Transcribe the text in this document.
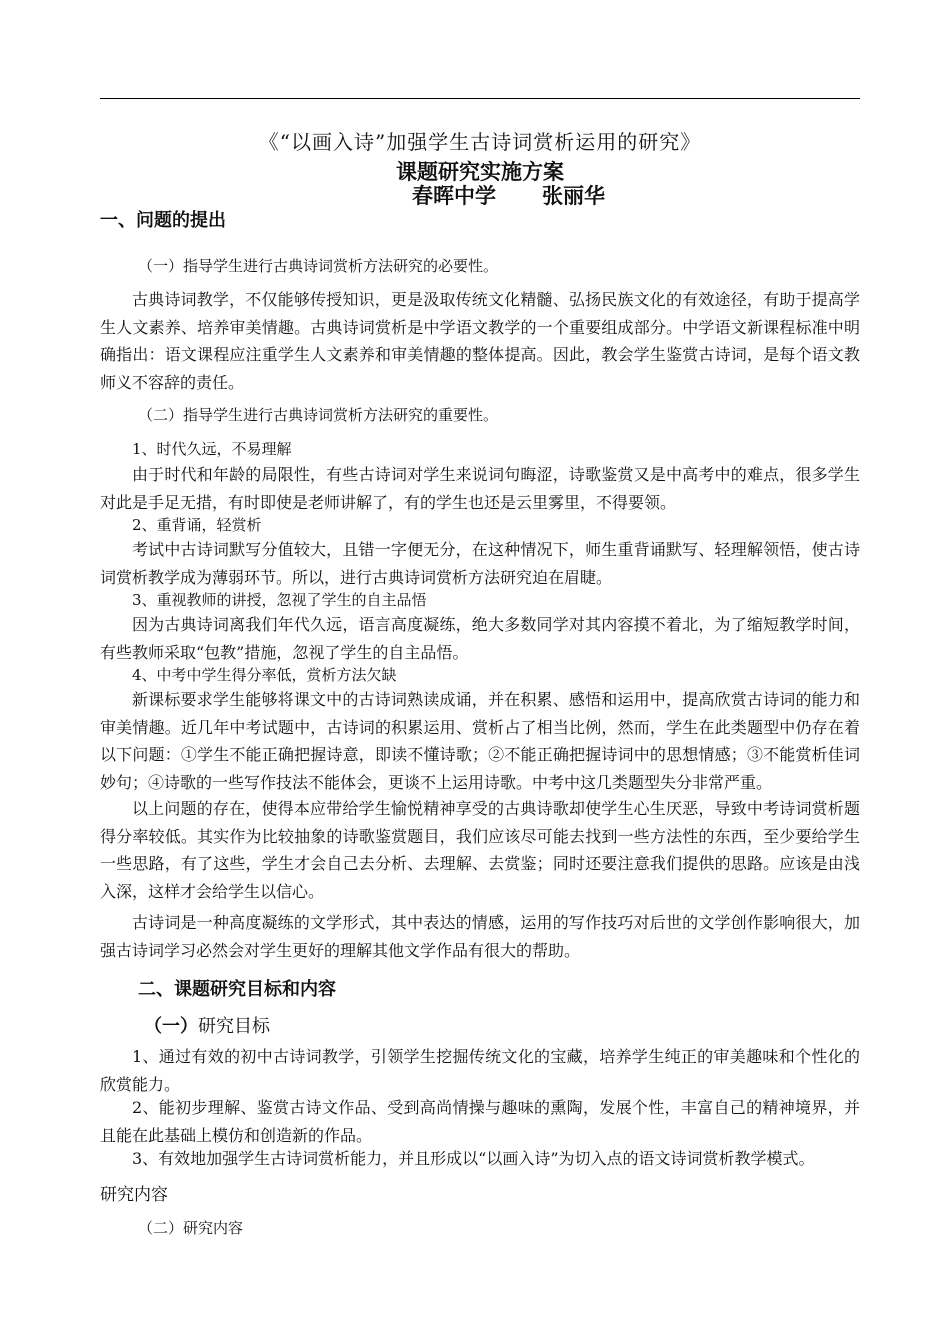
《“以画入诗”加强学生古诗词赏析运用的研究》
课题研究实施方案
春晖中学 张丽华
一、问题的提出
（一）指导学生进行古典诗词赏析方法研究的必要性。
古典诗词教学，不仅能够传授知识，更是汲取传统文化精髓、弘扬民族文化的有效途径，有助于提高学生人文素养、培养审美情趣。古典诗词赏析是中学语文教学的一个重要组成部分。中学语文新课程标准中明确指出：语文课程应注重学生人文素养和审美情趣的整体提高。因此，教会学生鉴赏古诗词，是每个语文教师义不容辞的责任。
（二）指导学生进行古典诗词赏析方法研究的重要性。
1、时代久远，不易理解
由于时代和年龄的局限性，有些古诗词对学生来说词句晦涩，诗歌鉴赏又是中高考中的难点，很多学生对此是手足无措，有时即使是老师讲解了，有的学生也还是云里雾里，不得要领。
2、重背诵，轻赏析
考试中古诗词默写分值较大，且错一字便无分，在这种情况下，师生重背诵默写、轻理解领悟，使古诗词赏析教学成为薄弱环节。所以，进行古典诗词赏析方法研究迫在眉睫。
3、重视教师的讲授，忽视了学生的自主品悟
因为古典诗词离我们年代久远，语言高度凝练，绝大多数同学对其内容摸不着北，为了缩短教学时间，有些教师采取“包教”措施，忽视了学生的自主品悟。
4、中考中学生得分率低，赏析方法欠缺
新课标要求学生能够将课文中的古诗词熟读成诵，并在积累、感悟和运用中，提高欣赏古诗词的能力和审美情趣。近几年中考试题中，古诗词的积累运用、赏析占了相当比例，然而，学生在此类题型中仍存在着以下问题：①学生不能正确把握诗意，即读不懂诗歌；②不能正确把握诗词中的思想情感；③不能赏析佳词妙句；④诗歌的一些写作技法不能体会，更谈不上运用诗歌。中考中这几类题型失分非常严重。
以上问题的存在，使得本应带给学生愉悦精神享受的古典诗歌却使学生心生厌恶，导致中考诗词赏析题得分率较低。其实作为比较抽象的诗歌鉴赏题目，我们应该尽可能去找到一些方法性的东西，至少要给学生一些思路，有了这些，学生才会自己去分析、去理解、去赏鉴；同时还要注意我们提供的思路。应该是由浅入深，这样才会给学生以信心。
古诗词是一种高度凝练的文学形式，其中表达的情感，运用的写作技巧对后世的文学创作影响很大，加强古诗词学习必然会对学生更好的理解其他文学作品有很大的帮助。
二、课题研究目标和内容
（一）研究目标
1、通过有效的初中古诗词教学，引领学生挖掘传统文化的宝藏，培养学生纯正的审美趣味和个性化的欣赏能力。
2、能初步理解、鉴赏古诗文作品、受到高尚情操与趣味的熏陶，发展个性，丰富自己的精神境界，并且能在此基础上模仿和创造新的作品。
3、有效地加强学生古诗词赏析能力，并且形成以“以画入诗”为切入点的语文诗词赏析教学模式。
研究内容
（二）研究内容
